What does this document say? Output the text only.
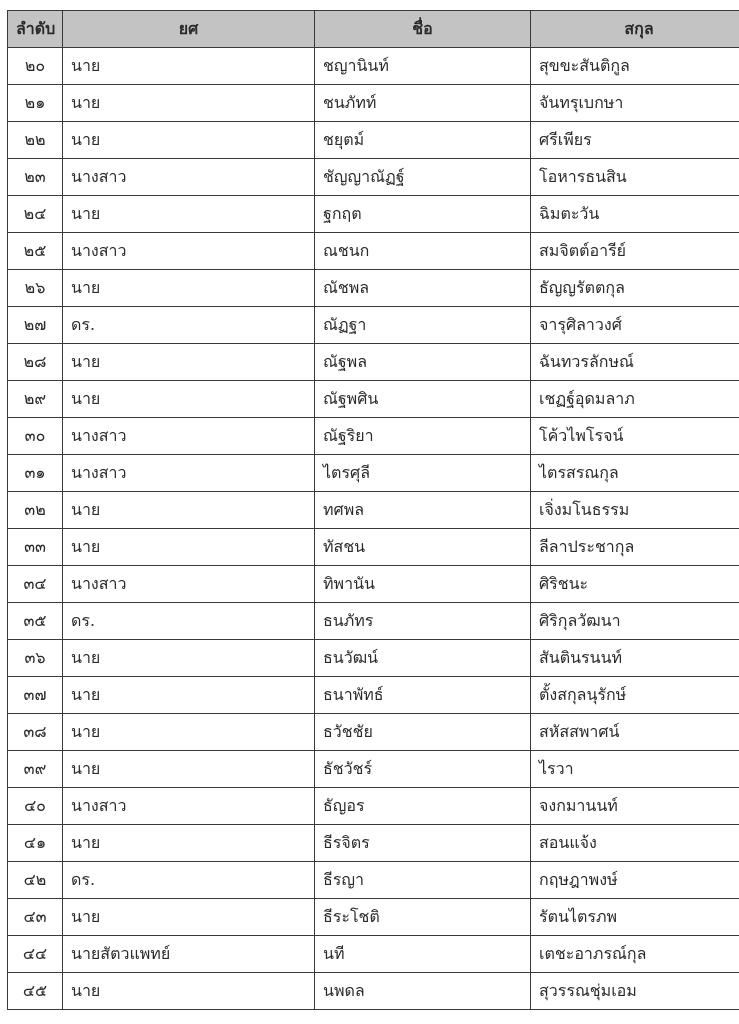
ลำดับ	ยศ	ชื่อ	สกุล
๒๐	นาย	ชญานินท์	สุขขะสันติกูล
๒๑	นาย	ชนภัทท์	จันทรุเบกษา
๒๒	นาย	ชยุตม์	ศรีเพียร
๒๓	นางสาว	ชัญญาณัฏฐ์	โอหารธนสิน
๒๔	นาย	ฐกฤต	ฉิมตะวัน
๒๕	นางสาว	ณชนก	สมจิตต์อารีย์
๒๖	นาย	ณัชพล	ธัญญรัตตกุล
๒๗	ดร.	ณัฏฐา	จารุศิลาวงศ์
๒๘	นาย	ณัฐพล	ฉันทวรลักษณ์
๒๙	นาย	ณัฐพศิน	เชฏฐ์อุดมลาภ
๓๐	นางสาว	ณัฐริยา	โค้วไพโรจน์
๓๑	นางสาว	ไตรศุลี	ไตรสรณกุล
๓๒	นาย	ทศพล	เจิ่งมโนธรรม
๓๓	นาย	ทัสชน	ลีลาประชากุล
๓๔	นางสาว	ทิพานัน	ศิริชนะ
๓๕	ดร.	ธนภัทร	ศิริกุลวัฒนา
๓๖	นาย	ธนวัฒน์	สันตินรนนท์
๓๗	นาย	ธนาพัทธ์	ตั้งสกุลนุรักษ์
๓๘	นาย	ธวัชชัย	สหัสสพาศน์
๓๙	นาย	ธัชวัชร์	ไรวา
๔๐	นางสาว	ธัญอร	จงกมานนท์
๔๑	นาย	ธีรจิตร	สอนแจ้ง
๔๒	ดร.	ธีรญา	กฤษฎาพงษ์
๔๓	นาย	ธีระโชติ	รัตนไตรภพ
๔๔	นายสัตวแพทย์	นที	เตชะอาภรณ์กุล
๔๕	นาย	นพดล	สุวรรณชุ่มเอม
